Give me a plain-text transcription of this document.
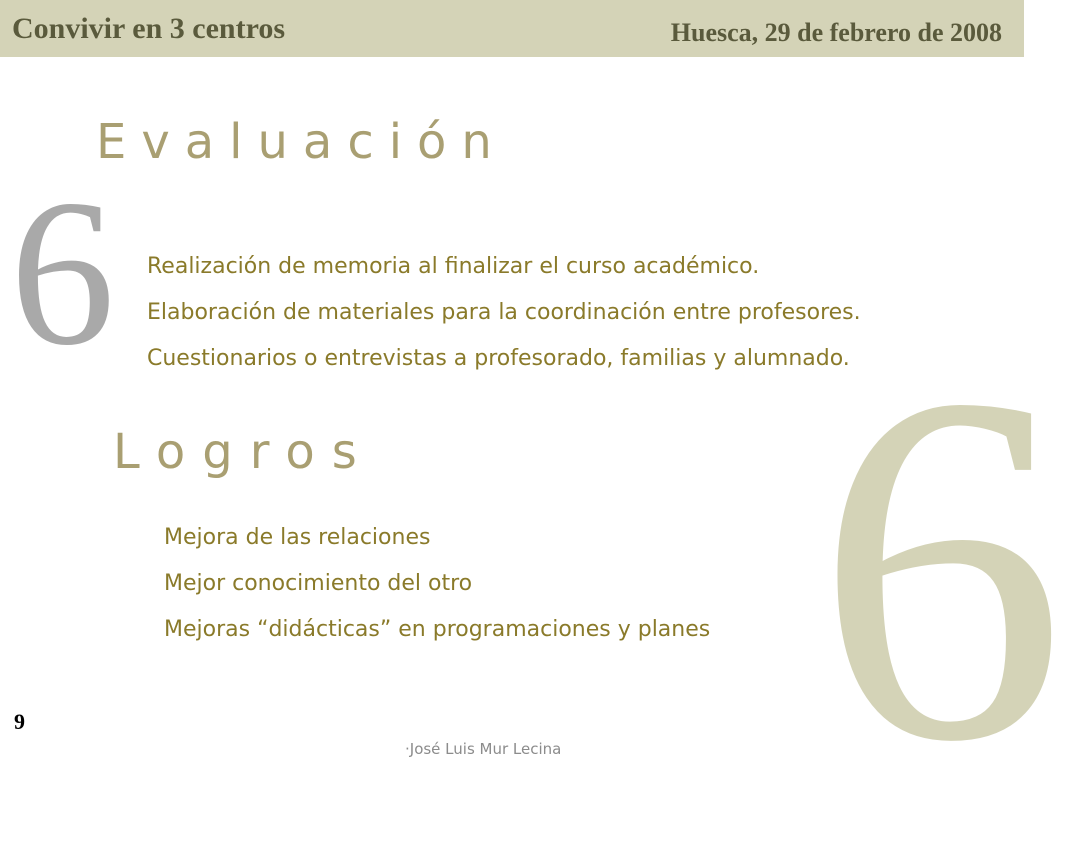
6
Convivir en 3 centros	Huesca, 29 de febrero de 2008
Evaluación
6 Realización de memoria al finalizar el curso académico.
Elaboración de materiales para la coordinación entre profesores.
Cuestionarios o entrevistas a profesorado, familias y alumnado.
Logros
Mejora de las relaciones
Mejor conocimiento del otro
Mejoras “didácticas” en programaciones y planes
9
·José Luis Mur Lecina
